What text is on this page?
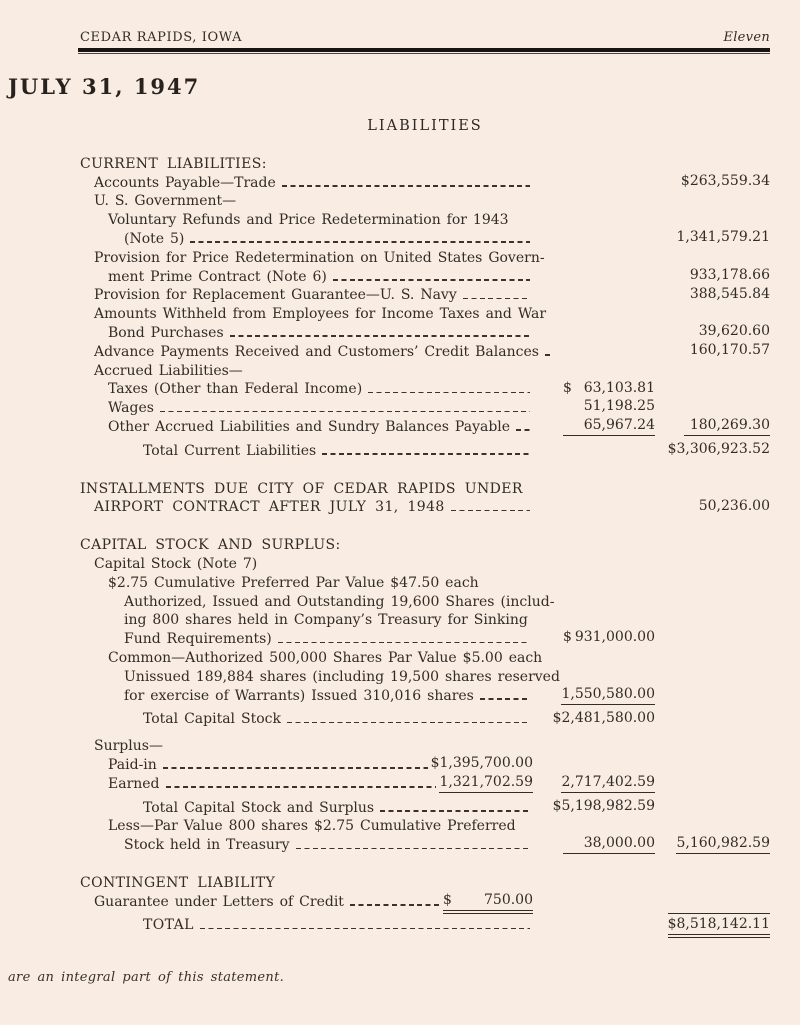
CEDAR RAPIDS, IOWA	Eleven
JULY 31, 1947
LIABILITIES
CURRENT LIABILITIES:
Accounts Payable—Trade	$ 263,559.34
U. S. Government—
Voluntary Refunds and Price Redetermination for 1943
(Note 5)	1,341,579.21
Provision for Price Redetermination on United States Govern-
ment Prime Contract (Note 6)	933,178.66
Provision for Replacement Guarantee—U. S. Navy	388,545.84
Amounts Withheld from Employees for Income Taxes and War
Bond Purchases	39,620.60
Advance Payments Received and Customers’ Credit Balances	160,170.57
Accrued Liabilities—
Taxes (Other than Federal Income)	$ 63,103.81
Wages	51,198.25
Other Accrued Liabilities and Sundry Balances Payable	65,967.24	180,269.30
Total Current Liabilities	$3,306,923.52
INSTALLMENTS DUE CITY OF CEDAR RAPIDS UNDER
AIRPORT CONTRACT AFTER JULY 31, 1948	50,236.00
CAPITAL STOCK AND SURPLUS:
Capital Stock (Note 7)
$2.75 Cumulative Preferred Par Value $47.50 each
Authorized, Issued and Outstanding 19,600 Shares (includ-
ing 800 shares held in Company’s Treasury for Sinking
Fund Requirements)	$ 931,000.00
Common—Authorized 500,000 Shares Par Value $5.00 each
Unissued 189,884 shares (including 19,500 shares reserved
for exercise of Warrants) Issued 310,016 shares	1,550,580.00
Total Capital Stock	$2,481,580.00
Surplus—
Paid-in	$1,395,700.00
Earned	1,321,702.59 2,717,402.59
Total Capital Stock and Surplus	$5,198,982.59
Less—Par Value 800 shares $2.75 Cumulative Preferred
Stock held in Treasury	38,000.00 5,160,982.59
CONTINGENT LIABILITY
Guarantee under Letters of Credit	$ 750.00
TOTAL	$8,518,142.11
are an integral part of this statement.
